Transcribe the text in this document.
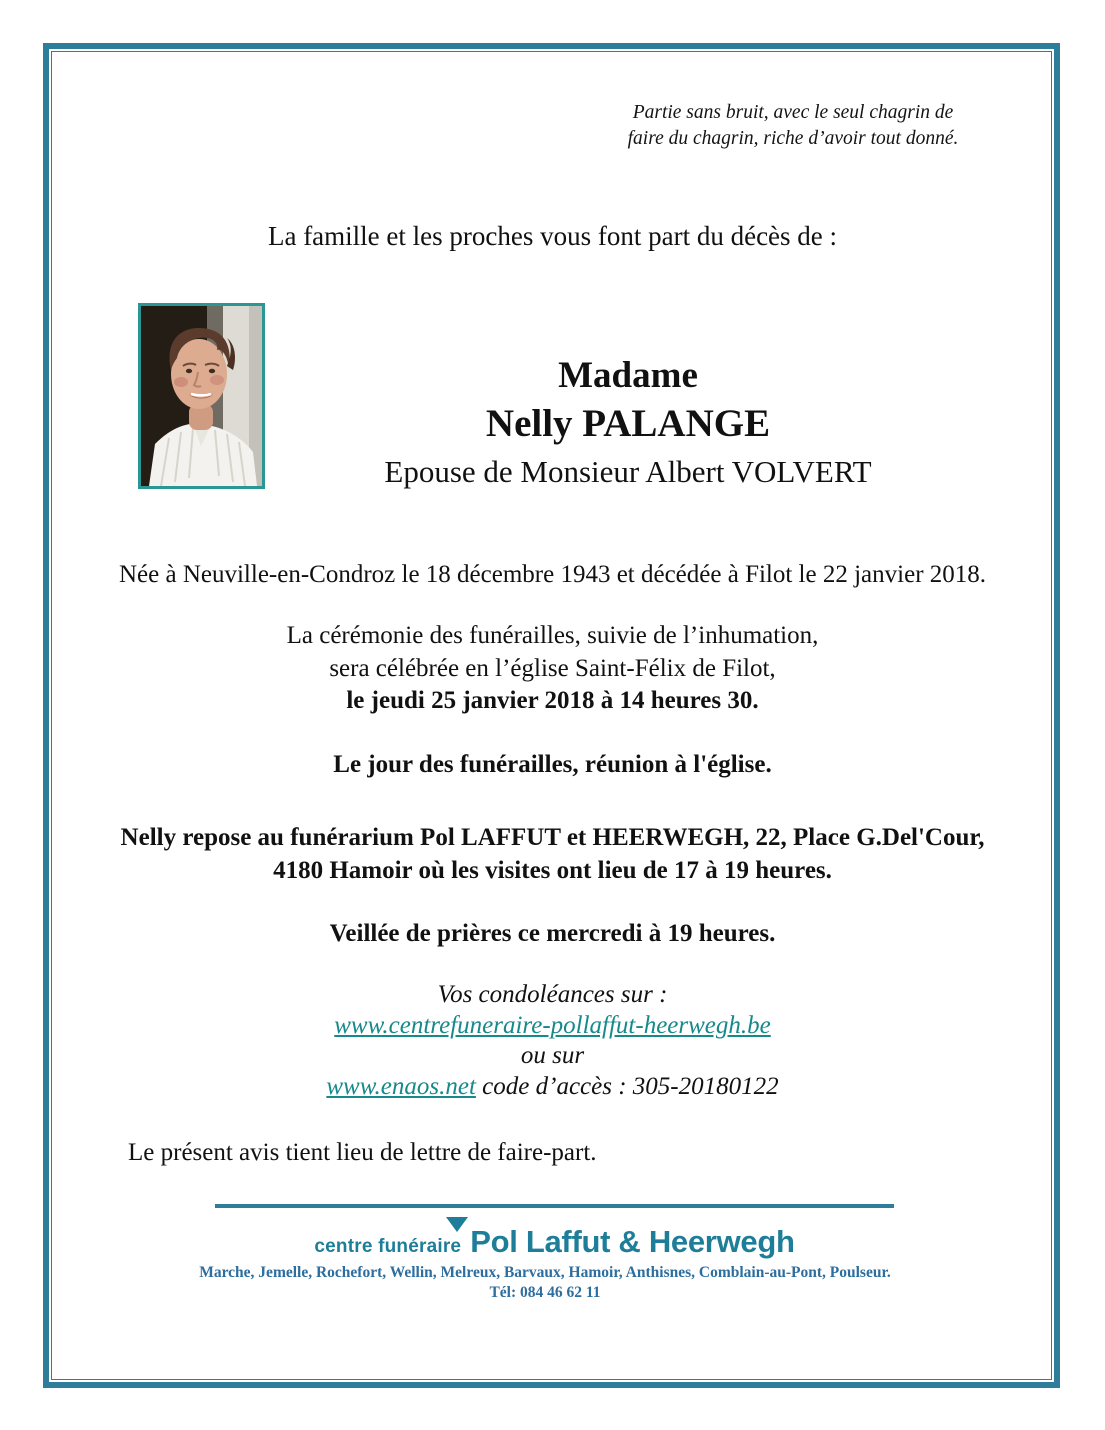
Partie sans bruit, avec le seul chagrin de
faire du chagrin, riche d’avoir tout donné.
La famille et les proches vous font part du décès de :
Madame
Nelly PALANGE
Epouse de Monsieur Albert VOLVERT
Née à Neuville-en-Condroz le 18 décembre 1943 et décédée à Filot le 22 janvier 2018.
La cérémonie des funérailles, suivie de l’inhumation,
sera célébrée en l’église Saint-Félix de Filot,
le jeudi 25 janvier 2018 à 14 heures 30.
Le jour des funérailles, réunion à l'église.
Nelly repose au funérarium Pol LAFFUT et HEERWEGH, 22, Place G.Del'Cour,
4180 Hamoir où les visites ont lieu de 17 à 19 heures.
Veillée de prières ce mercredi à 19 heures.
Vos condoléances sur :
www.centrefuneraire-pollaffut-heerwegh.be
ou sur
www.enaos.net code d’accès : 305-20180122
Le présent avis tient lieu de lettre de faire-part.
centre funéraire Pol Laffut & Heerwegh
Marche, Jemelle, Rochefort, Wellin, Melreux, Barvaux, Hamoir, Anthisnes, Comblain-au-Pont, Poulseur.
Tél: 084 46 62 11
